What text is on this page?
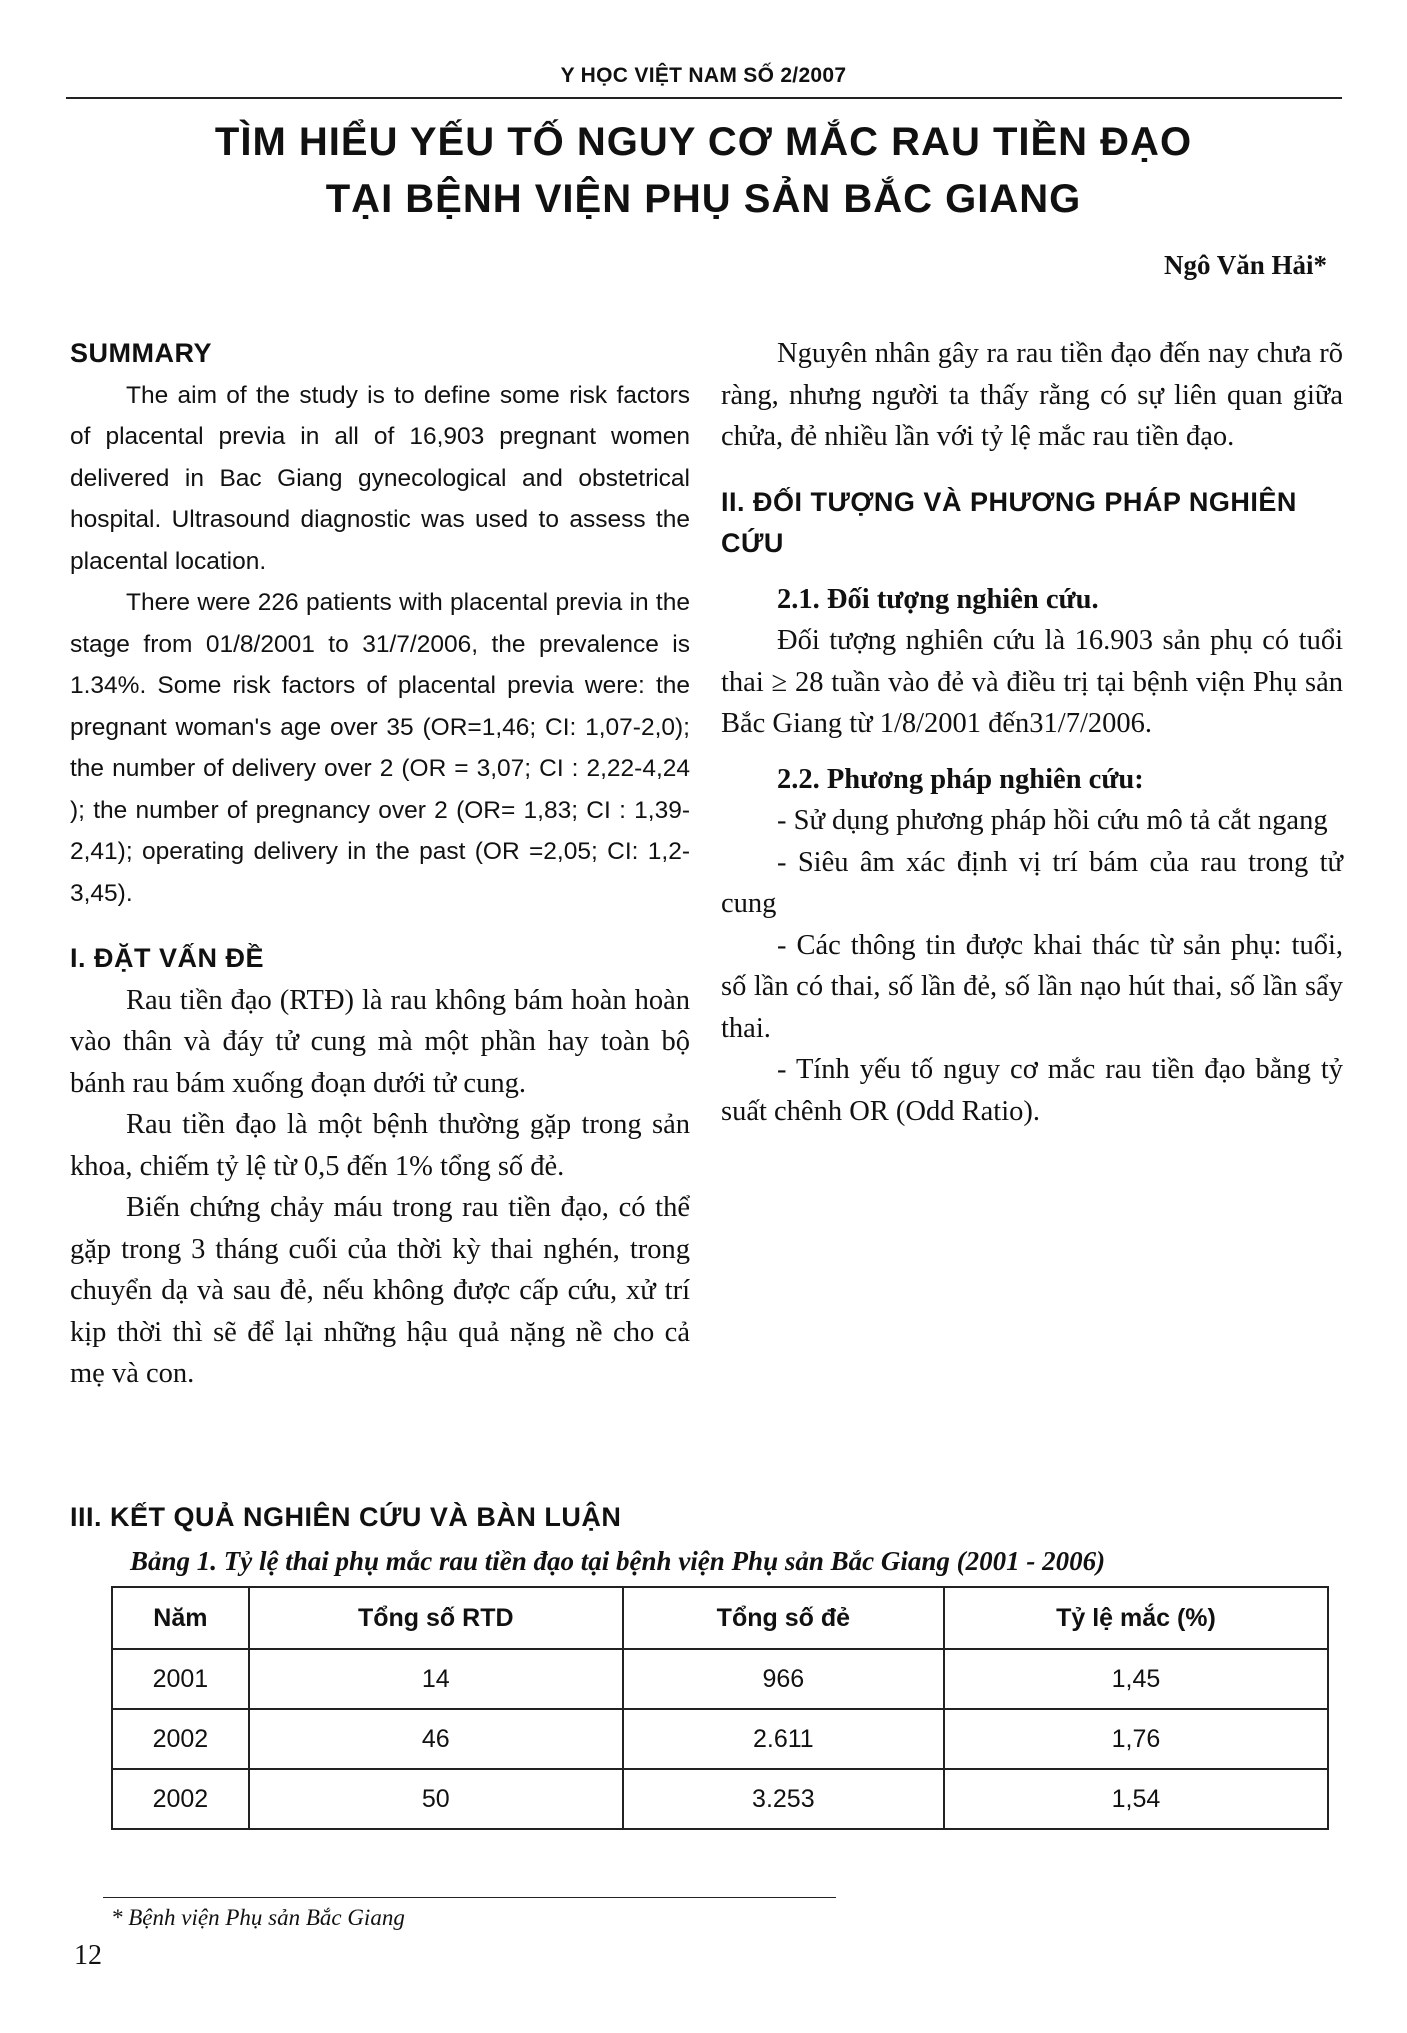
Y HỌC VIỆT NAM SỐ 2/2007
TÌM HIỂU YẾU TỐ NGUY CƠ MẮC RAU TIỀN ĐẠO
TẠI BỆNH VIỆN PHỤ SẢN BẮC GIANG
Ngô Văn Hải*
SUMMARY

The aim of the study is to define some risk factors of placental previa in all of 16,903 pregnant women delivered in Bac Giang gynecological and obstetrical hospital. Ultrasound diagnostic was used to assess the placental location.

There were 226 patients with placental previa in the stage from 01/8/2001 to 31/7/2006, the prevalence is 1.34%. Some risk factors of placental previa were: the pregnant woman's age over 35 (OR=1,46; CI: 1,07-2,0); the number of delivery over 2 (OR = 3,07; CI : 2,22-4,24 ); the number of pregnancy over 2 (OR= 1,83; CI : 1,39-2,41); operating delivery in the past (OR =2,05; CI: 1,2-3,45).

I. ĐẶT VẤN ĐỀ

Rau tiền đạo (RTĐ) là rau không bám hoàn hoàn vào thân và đáy tử cung mà một phần hay toàn bộ bánh rau bám xuống đoạn dưới tử cung.

Rau tiền đạo là một bệnh thường gặp trong sản khoa, chiếm tỷ lệ từ 0,5 đến 1% tổng số đẻ.

Biến chứng chảy máu trong rau tiền đạo, có thể gặp trong 3 tháng cuối của thời kỳ thai nghén, trong chuyển dạ và sau đẻ, nếu không được cấp cứu, xử trí kịp thời thì sẽ để lại những hậu quả nặng nề cho cả mẹ và con.

Nguyên nhân gây ra rau tiền đạo đến nay chưa rõ ràng, nhưng người ta thấy rằng có sự liên quan giữa chửa, đẻ nhiều lần với tỷ lệ mắc rau tiền đạo.

II. ĐỐI TƯỢNG VÀ PHƯƠNG PHÁP NGHIÊN CỨU
2.1. Đối tượng nghiên cứu.

Đối tượng nghiên cứu là 16.903 sản phụ có tuổi thai ≥ 28 tuần vào đẻ và điều trị tại bệnh viện Phụ sản Bắc Giang từ 1/8/2001 đến31/7/2006.

2.2. Phương pháp nghiên cứu:

- Sử dụng phương pháp hồi cứu mô tả cắt ngang

- Siêu âm xác định vị trí bám của rau trong tử cung

- Các thông tin được khai thác từ sản phụ: tuổi, số lần có thai, số lần đẻ, số lần nạo hút thai, số lần sẩy thai.

- Tính yếu tố nguy cơ mắc rau tiền đạo bằng tỷ suất chênh OR (Odd Ratio).

III. KẾT QUẢ NGHIÊN CỨU VÀ BÀN LUẬN
Bảng 1. Tỷ lệ thai phụ mắc rau tiền đạo tại bệnh viện Phụ sản Bắc Giang (2001 - 2006)
Năm	Tổng số RTD	Tổng số đẻ	Tỷ lệ mắc (%)
2001	14	966	1,45
2002	46	2.611	1,76
2002	50	3.253	1,54
* Bệnh viện Phụ sản Bắc Giang
12
